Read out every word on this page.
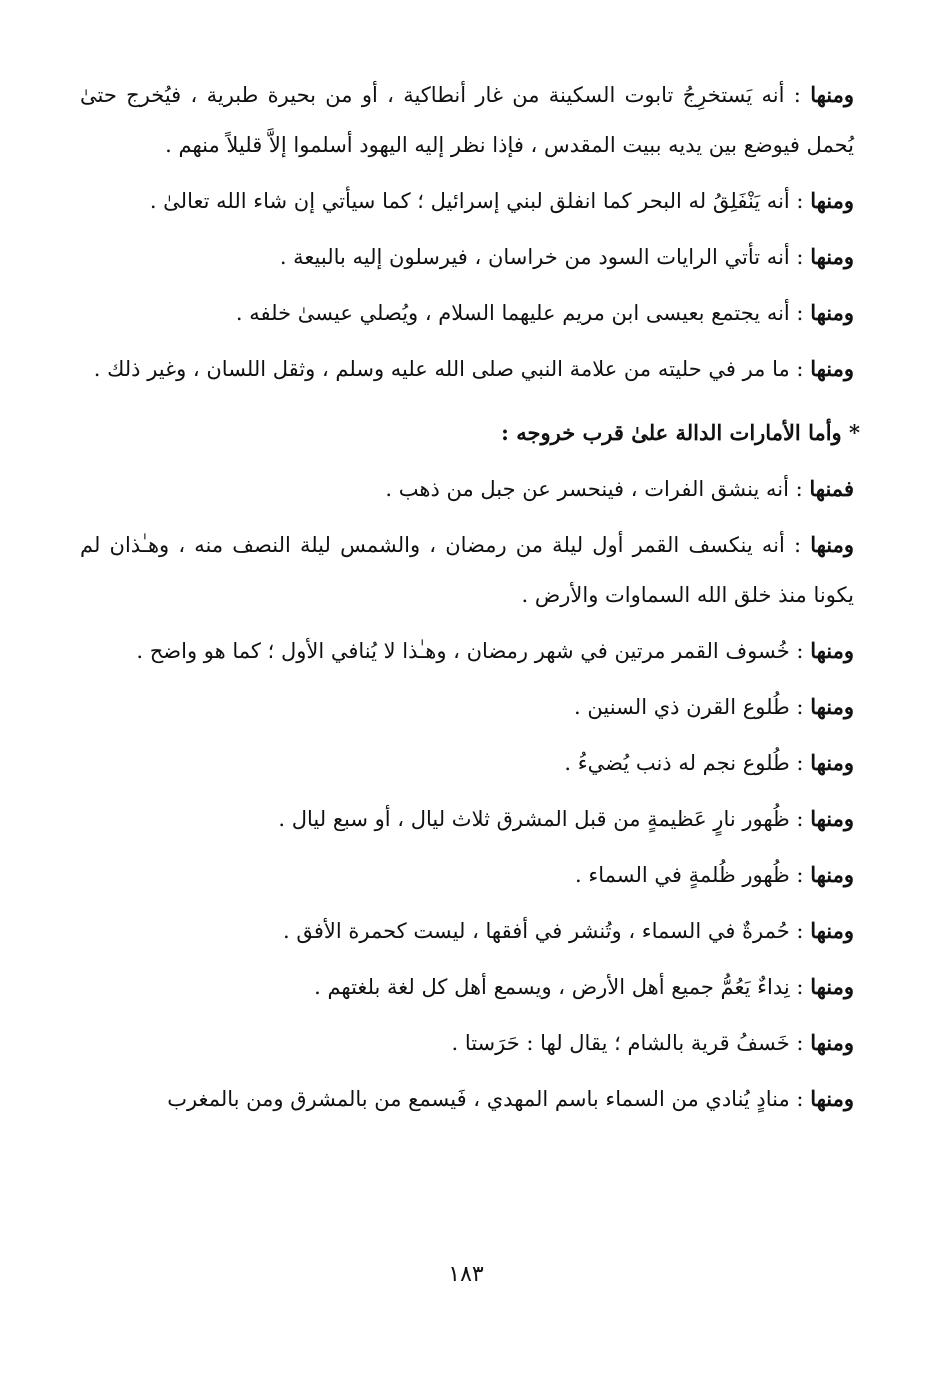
ومنها : أنه يَستخرِجُ تابوت السكينة من غار أنطاكية ، أو من بحيرة طبرية ، فيُخرج حتىٰ يُحمل فيوضع بين يديه ببيت المقدس ، فإذا نظر إليه اليهود أسلموا إلاَّ قليلاً منهم .

ومنها : أنه يَنْفَلِقُ له البحر كما انفلق لبني إسرائيل ؛ كما سيأتي إن شاء الله تعالىٰ .

ومنها : أنه تأتي الرايات السود من خراسان ، فيرسلون إليه بالبيعة .

ومنها : أنه يجتمع بعيسى ابن مريم عليهما السلام ، ويُصلي عيسىٰ خلفه .

ومنها : ما مر في حليته من علامة النبي صلى الله عليه وسلم ، وثقل اللسان ، وغير ذلك .

* وأما الأمارات الدالة علىٰ قرب خروجه :

فمنها : أنه ينشق الفرات ، فينحسر عن جبل من ذهب .

ومنها : أنه ينكسف القمر أول ليلة من رمضان ، والشمس ليلة النصف منه ، وهـٰذان لم يكونا منذ خلق الله السماوات والأرض .

ومنها : خُسوف القمر مرتين في شهر رمضان ، وهـٰذا لا يُنافي الأول ؛ كما هو واضح .

ومنها : طُلوع القرن ذي السنين .

ومنها : طُلوع نجم له ذنب يُضيءُ .

ومنها : ظُهور نارٍ عَظيمةٍ من قبل المشرق ثلاث ليال ، أو سبع ليال .

ومنها : ظُهور ظُلمةٍ في السماء .

ومنها : حُمرةٌ في السماء ، وتُنشر في أفقها ، ليست كحمرة الأفق .

ومنها : نِداءٌ يَعُمُّ جميع أهل الأرض ، ويسمع أهل كل لغة بلغتهم .

ومنها : خَسفُ قرية بالشام ؛ يقال لها : حَرَستا .

ومنها : منادٍ يُنادي من السماء باسم المهدي ، فَيسمع من بالمشرق ومن بالمغرب

١٨٣
